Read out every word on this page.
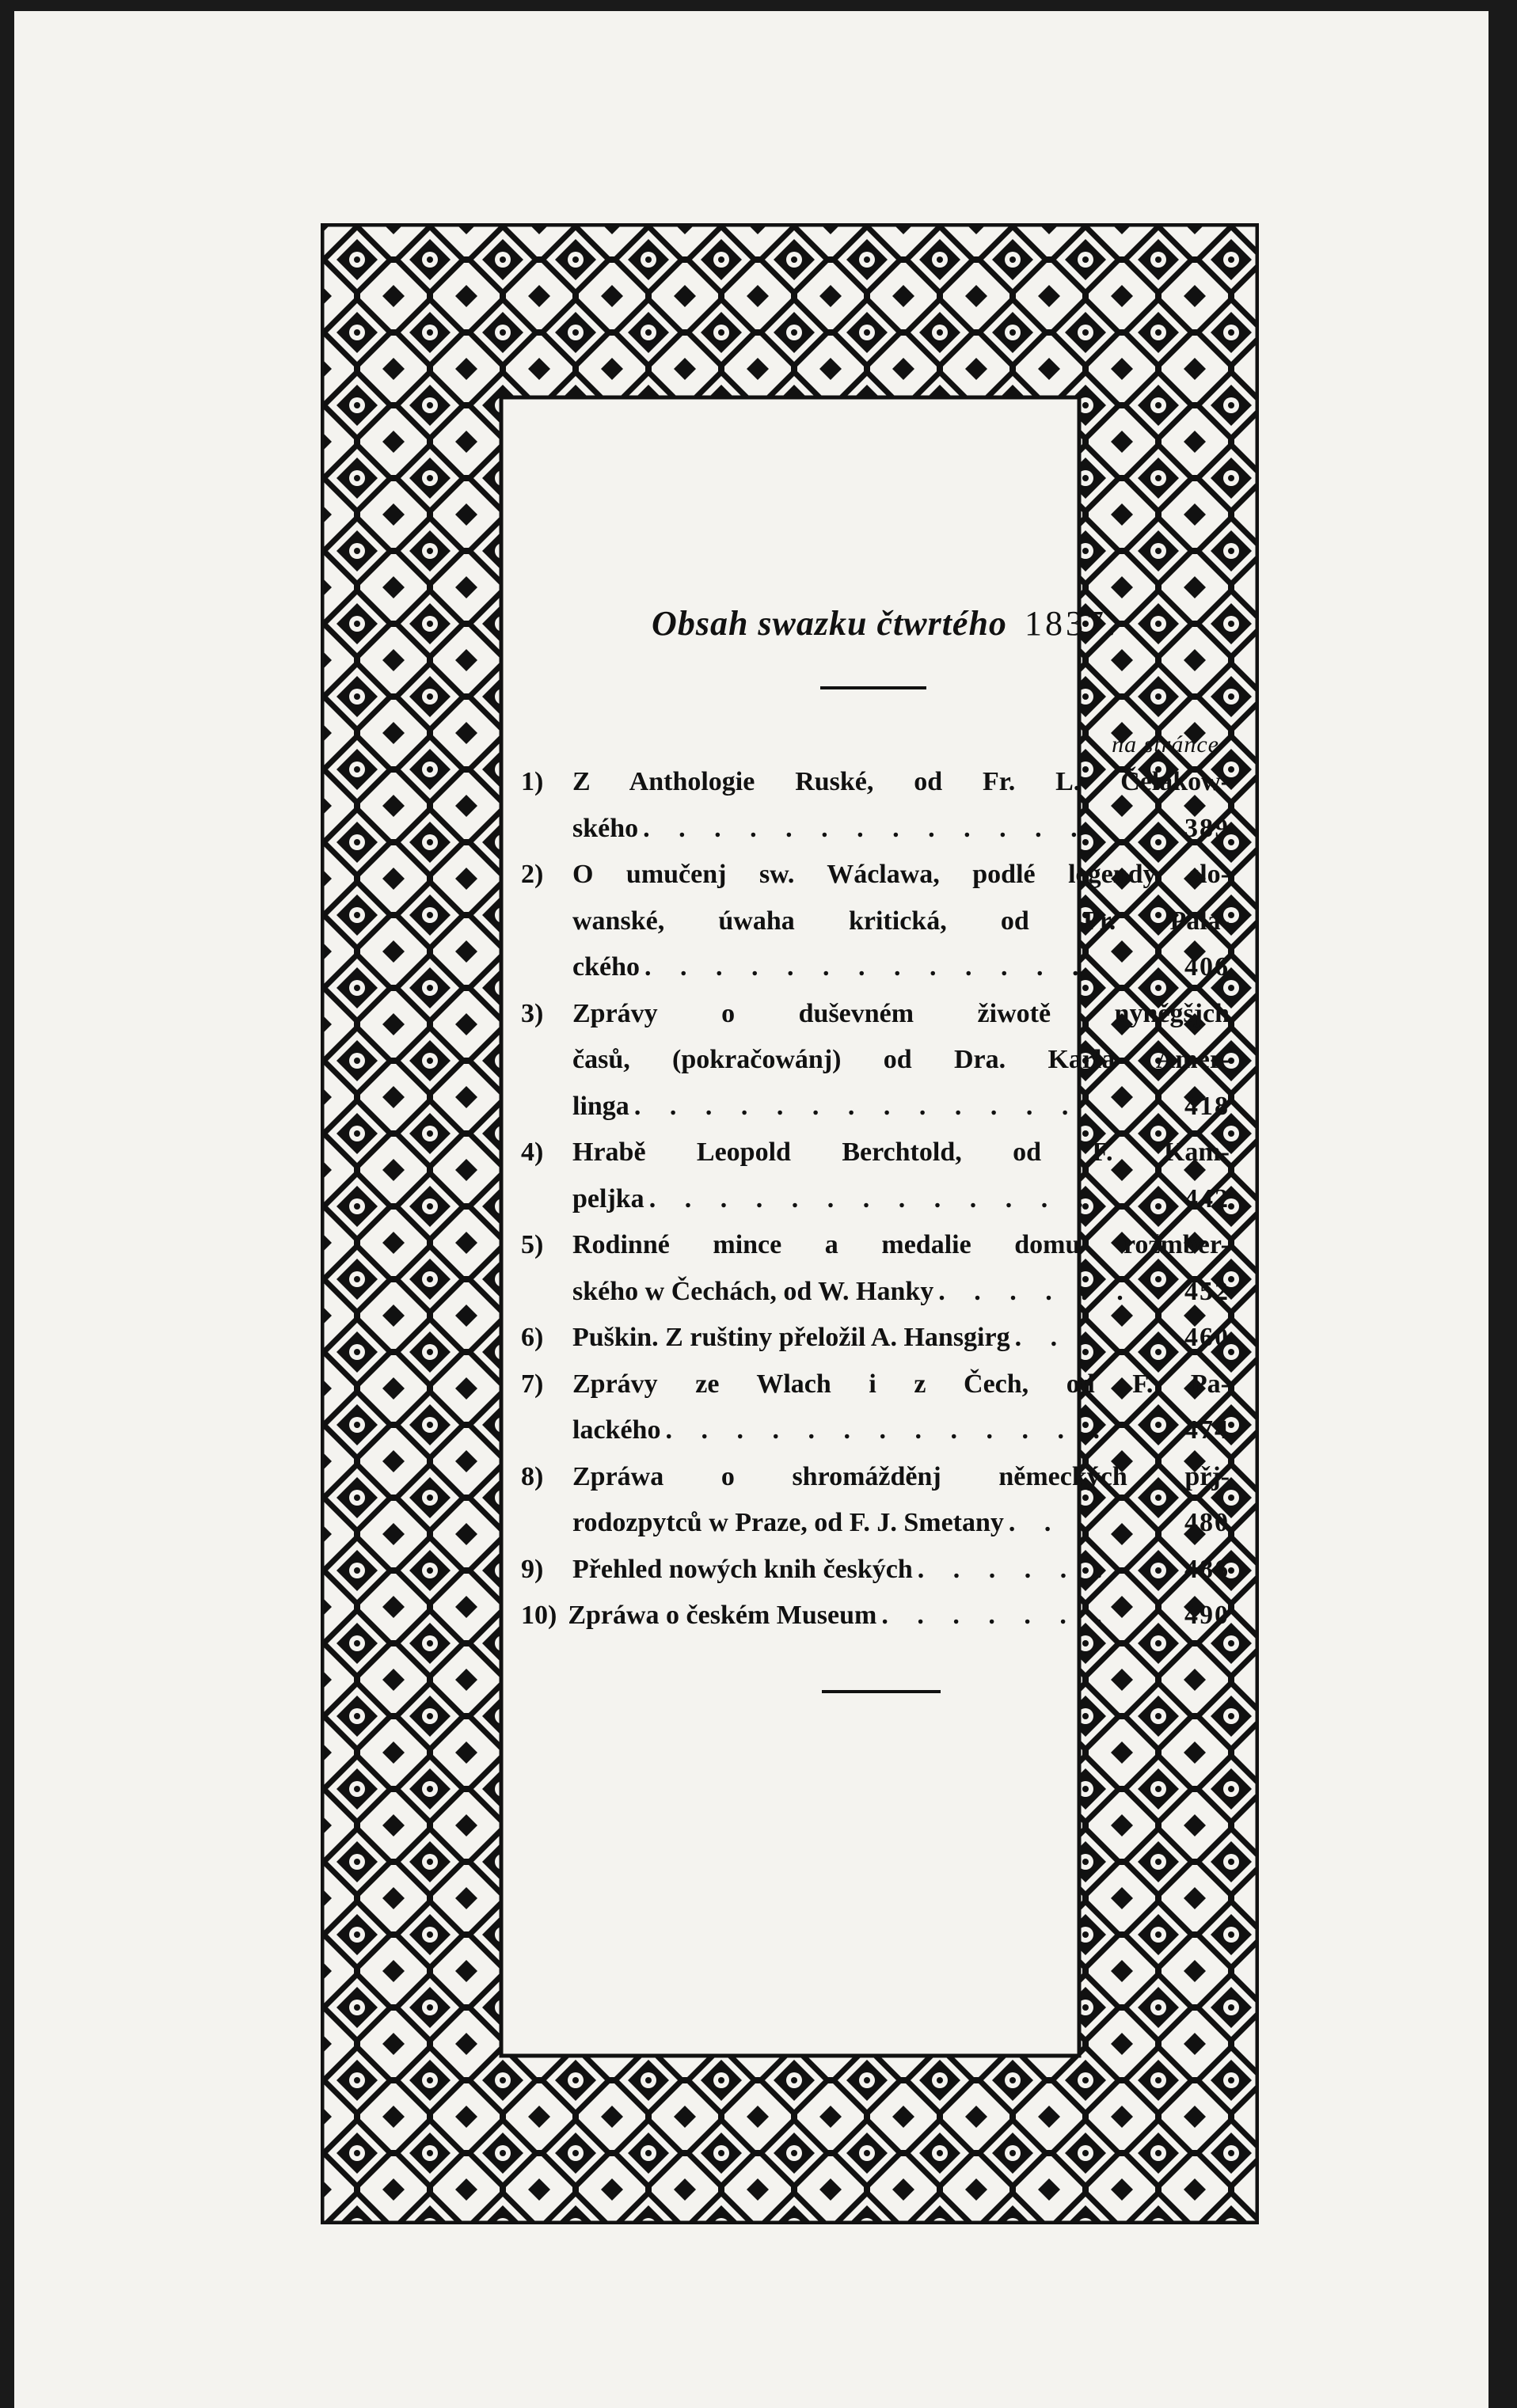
Obsah swazku čtwrtého 1837.
na stránce
1) Z Anthologie Ruské, od Fr. L. Čelakow-
ského . . . . . . . . . . . . .	389
2) O umučenj sw. Wáclawa, podlé legendy slo-
wanské, úwaha kritická, od Fr. Pala-
ckého . . . . . . . . . . . . .	406
3) Zprávy o duševném žiwotě nyněgšjch
časů, (pokračowánj) od Dra. Karla Amer-
linga . . . . . . . . . . . . .	418
4) Hrabě Leopold Berchtold, od F. Kam-
peljka . . . . . . . . . . . . .	442
5) Rodinné mince a medalie domu rožmber-
ského w Čechách, od W. Hanky . . . . . .	452
6) Puškin. Z ruštiny přeložil A. Hansgirg . .	460
7) Zprávy ze Wlach i z Čech, od F. Pa-
lackého . . . . . . . . . . . . .	474
8) Zpráwa o shromážděnj německých přj-
rodozpytců w Praze, od F. J. Smetany . .	480
9) Přehled nowých knih českých . . . . . .	486
10) Zpráwa o českém Museum . . . . . . .	490
